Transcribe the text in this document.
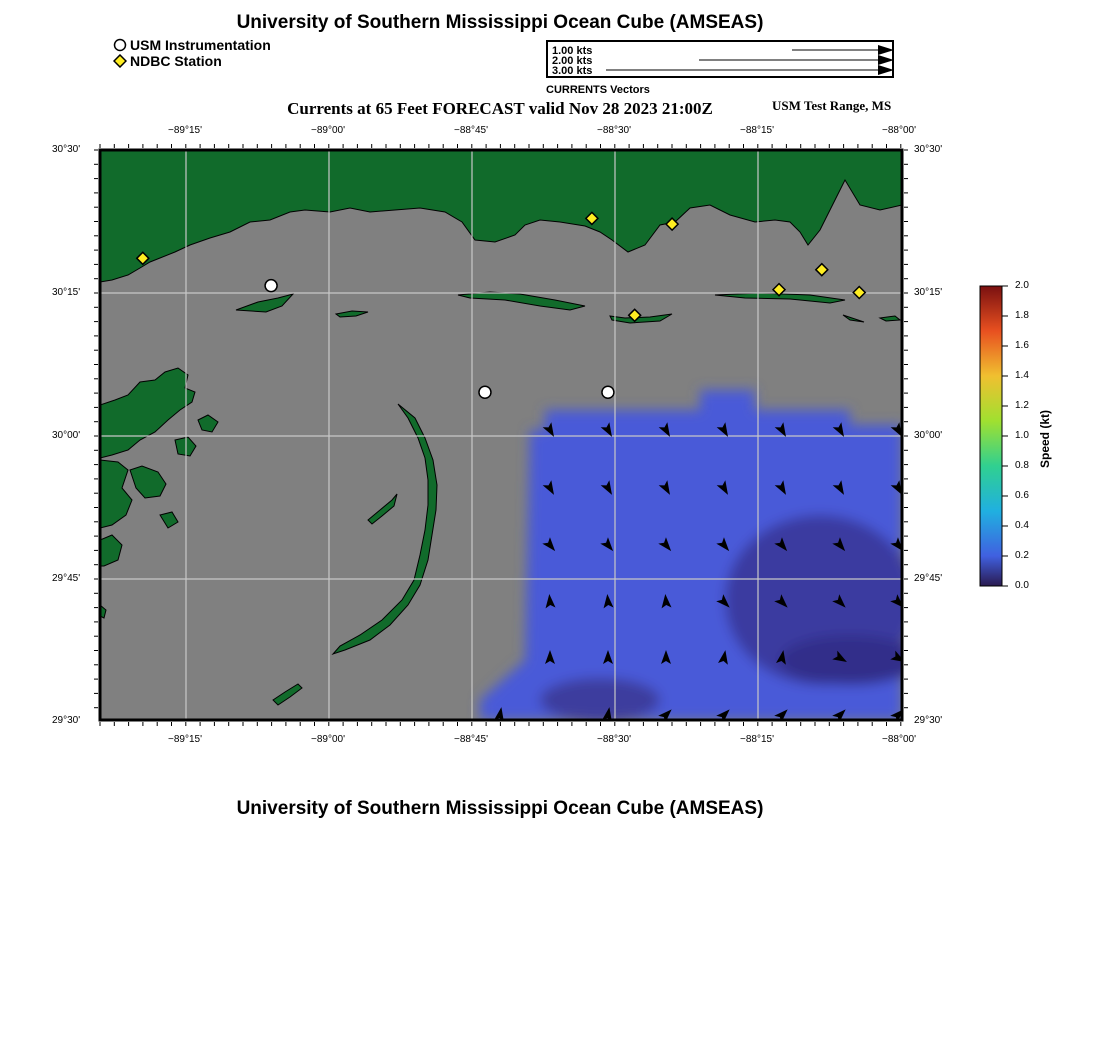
University of Southern Mississippi Ocean Cube (AMSEAS)
University of Southern Mississippi Ocean Cube (AMSEAS)
USM Instrumentation
NDBC Station
1.00 kts
2.00 kts
3.00 kts
CURRENTS Vectors
Currents at 65 Feet FORECAST valid Nov 28 2023 21:00Z	USM Test Range, MS
−89°15'	−89°00'	−88°45'	−88°30'	−88°15'	−88°00'
−89°15'	−89°00'	−88°45'	−88°30'	−88°15'	−88°00'
30°30'
30°15'
30°00'
29°45'
29°30'
30°30'
30°15'
30°00'
29°45'
29°30'
2.0
1.8
1.6
1.4
1.2
1.0
0.8
0.6
0.4
0.2
0.0
Speed (kt)
